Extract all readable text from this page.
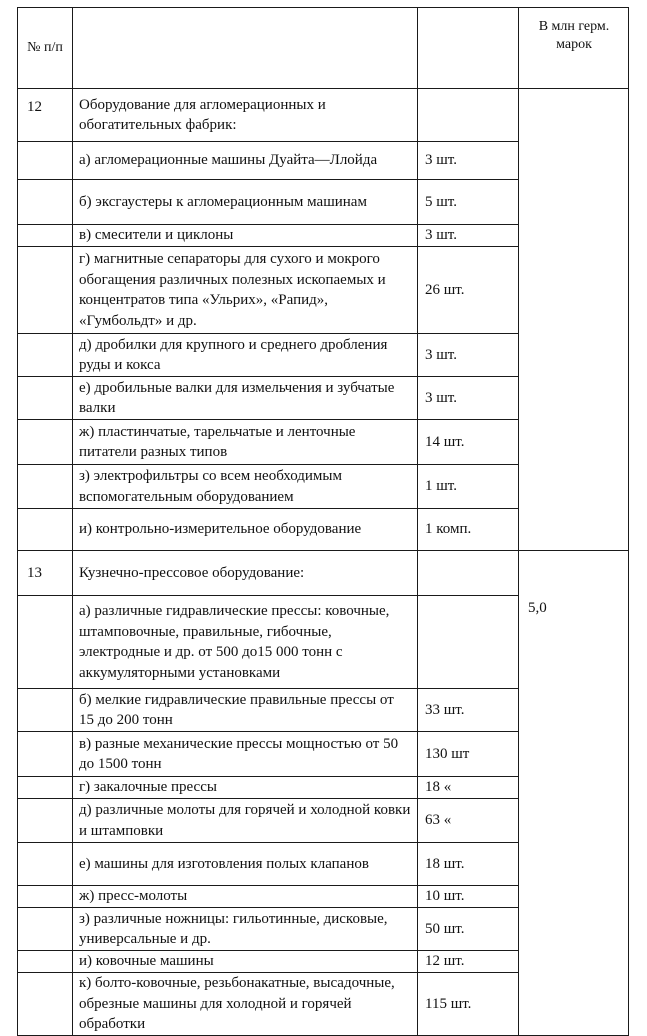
№ п/п			В млн герм. марок
12	Оборудование для агломерационных и обогатительных фабрик:		
	а) агломерационные машины Дуайта—Ллойда	3 шт.	
	б) эксгаустеры к агломерационным машинам	5 шт.	
	в) смесители и циклоны	3 шт.	
	г) магнитные сепараторы для сухого и мокрого обогащения различных полезных ископаемых и концентратов типа «Ульрих», «Рапид», «Гумбольдт» и др.	26 шт.	
	д) дробилки для крупного и среднего дробления руды и кокса	3 шт.	
	е) дробильные валки для измельчения и зубчатые валки	3 шт.	
	ж) пластинчатые, тарельчатые и ленточные питатели разных типов	14 шт.	
	з) электрофильтры со всем необходимым вспомогательным оборудованием	1 шт.	
	и) контрольно-измерительное оборудование	1 комп.	
13	Кузнечно-прессовое оборудование:		5,0
	а) различные гидравлические прессы: ковочные, штамповочные, правильные, гибочные, электродные и др. от 500 до15 000 тонн с аккумуляторными установками		
	б) мелкие гидравлические правильные прессы от 15 до 200 тонн	33 шт.	
	в) разные механические прессы мощностью от 50 до 1500 тонн	130 шт	
	г) закалочные прессы	18 «	
	д) различные молоты для горячей и холодной ковки и штамповки	63 «	
	е) машины для изготовления полых клапанов	18 шт.	
	ж) пресс-молоты	10 шт.	
	з) различные ножницы: гильотинные, дисковые, универсальные и др.	50 шт.	
	и) ковочные машины	12 шт.	
	к) болто-ковочные, резьбонакатные, высадочные, обрезные машины для холодной и горячей обработки	115 шт.	
